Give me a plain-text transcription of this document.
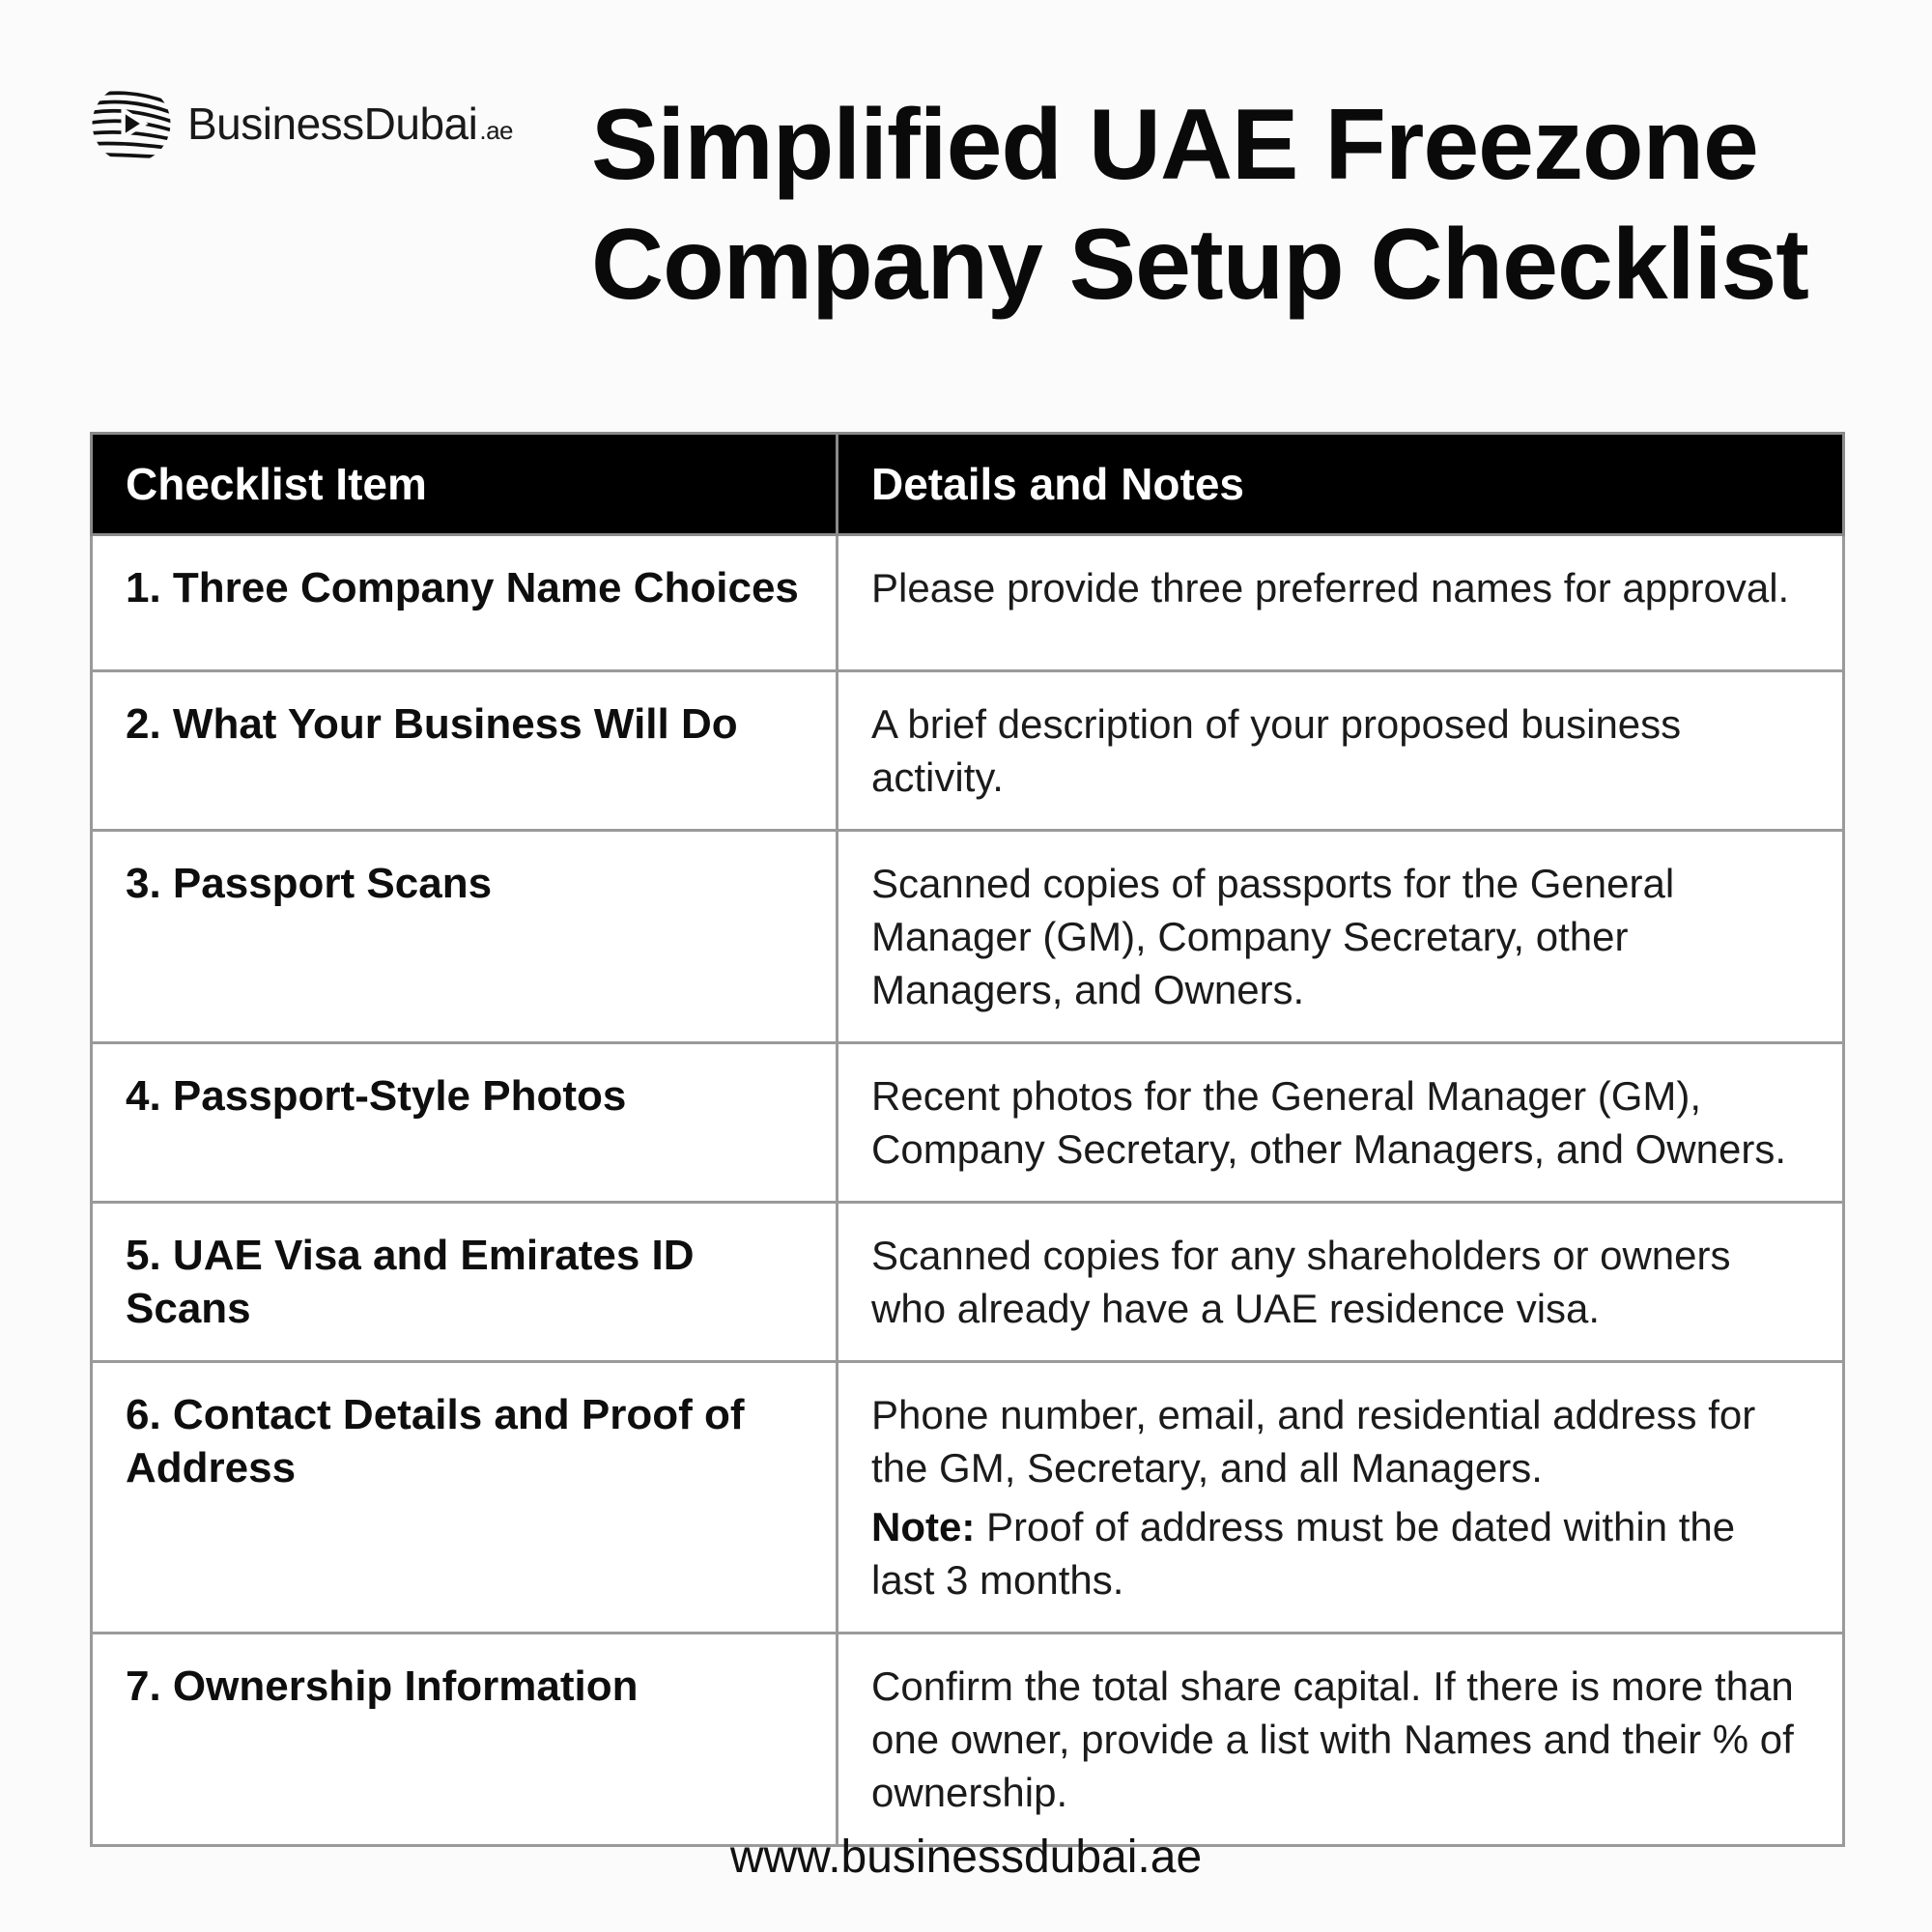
BusinessDubai.ae Simplified UAE Freezone
Company Setup Checklist
Checklist Item	Details and Notes
1. Three Company Name Choices	Please provide three preferred names for approval.
2. What Your Business Will Do	A brief description of your proposed business activity.
3. Passport Scans	Scanned copies of passports for the General Manager (GM), Company Secretary, other Managers, and Owners.
4. Passport-Style Photos	Recent photos for the General Manager (GM), Company Secretary, other Managers, and Owners.
5. UAE Visa and Emirates ID Scans	Scanned copies for any shareholders or owners who already have a UAE residence visa.
6. Contact Details and Proof of Address	Phone number, email, and residential address for the GM, Secretary, and all Managers.
Note: Proof of address must be dated within the last 3 months.

7. Ownership Information	Confirm the total share capital. If there is more than one owner, provide a list with Names and their % of ownership.
www.businessdubai.ae
